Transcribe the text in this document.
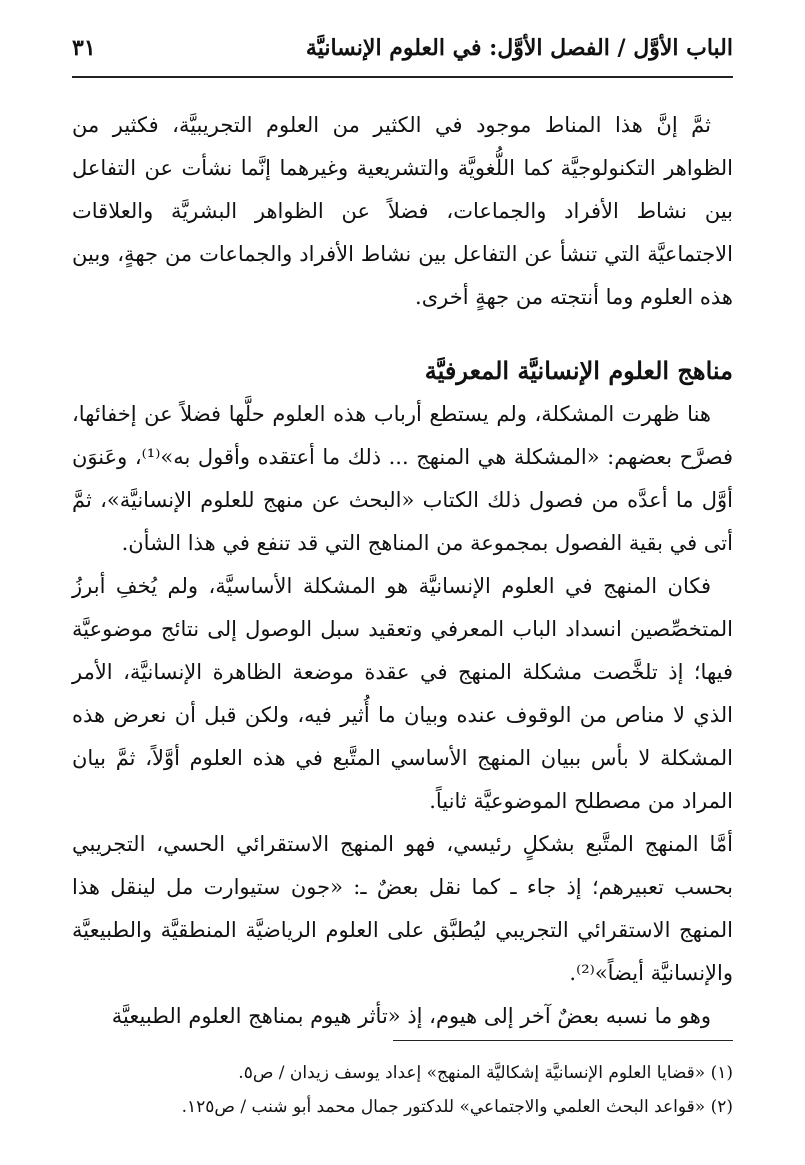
الباب الأوَّل / الفصل الأوَّل: في العلوم الإنسانيَّة
٣١

ثمَّ إنَّ هذا المناط موجود في الكثير من العلوم التجريبيَّة، فكثير من الظواهر التكنولوجيَّة كما اللُّغويَّة والتشريعية وغيرهما إنَّما نشأت عن التفاعل بين نشاط الأفراد والجماعات، فضلاً عن الظواهر البشريَّة والعلاقات الاجتماعيَّة التي تنشأ عن التفاعل بين نشاط الأفراد والجماعات من جهةٍ، وبين هذه العلوم وما أنتجته من جهةٍ أخرى.

مناهج العلوم الإنسانيَّة المعرفيَّة

هنا ظهرت المشكلة، ولم يستطع أرباب هذه العلوم حلَّها فضلاً عن إخفائها، فصرَّح بعضهم: «المشكلة هي المنهج ... ذلك ما أعتقده وأقول به»⁽¹⁾، وعَنوَن أوَّل ما أعدَّه من فصول ذلك الكتاب «البحث عن منهج للعلوم الإنسانيَّة»، ثمَّ أتى في بقية الفصول بمجموعة من المناهج التي قد تنفع في هذا الشأن.

فكان المنهج في العلوم الإنسانيَّة هو المشكلة الأساسيَّة، ولم يُخفِ أبرزُ المتخصِّصين انسداد الباب المعرفي وتعقيد سبل الوصول إلى نتائج موضوعيَّة فيها؛ إذ تلخَّصت مشكلة المنهج في عقدة موضعة الظاهرة الإنسانيَّة، الأمر الذي لا مناص من الوقوف عنده وبيان ما أُثير فيه، ولكن قبل أن نعرض هذه المشكلة لا بأس ببيان المنهج الأساسي المتَّبع في هذه العلوم أوَّلاً، ثمَّ بيان المراد من مصطلح الموضوعيَّة ثانياً.

أمَّا المنهج المتَّبع بشكلٍ رئيسي، فهو المنهج الاستقرائي الحسي، التجريبي بحسب تعبيرهم؛ إذ جاء ـ كما نقل بعضٌ ـ: «جون ستيوارت مل لينقل هذا المنهج الاستقرائي التجريبي ليُطبَّق على العلوم الرياضيَّة المنطقيَّة والطبيعيَّة والإنسانيَّة أيضاً»⁽²⁾.

وهو ما نسبه بعضٌ آخر إلى هيوم، إذ «تأثر هيوم بمناهج العلوم الطبيعيَّة

(١) «قضايا العلوم الإنسانيَّة إشكاليَّة المنهج» إعداد يوسف زيدان / ص٥.

(٢) «قواعد البحث العلمي والاجتماعي» للدكتور جمال محمد أبو شنب / ص١٢٥.
